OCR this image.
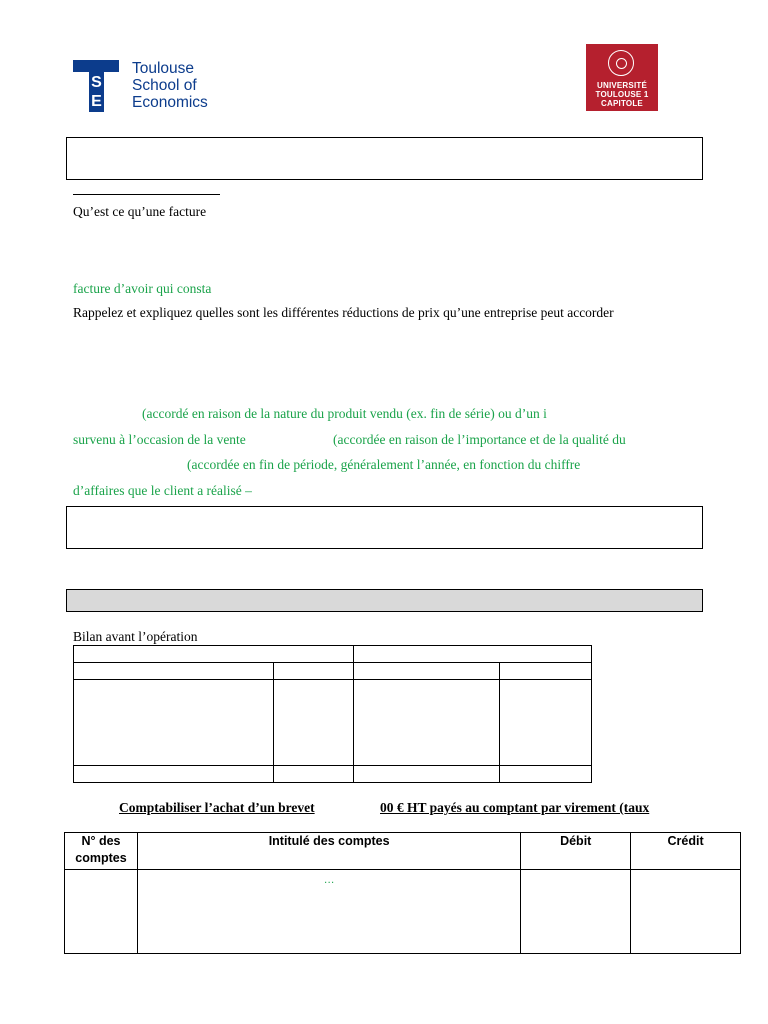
S
E
Toulouse
School of
Economics
UNIVERSITÉ
TOULOUSE 1
CAPITOLE
Qu’est ce qu’une facture
facture d’avoir qui consta
Rappelez et expliquez quelles sont les différentes réductions de prix qu’une entreprise peut accorder
(accordé en raison de la nature du produit vendu (ex. fin de série) ou d’un i
survenu à l’occasion de la vente	(accordée en raison de l’importance et de la qualité du
(accordée en fin de période, généralement l’année, en fonction du chiffre
d’affaires que le client a réalisé –
Bilan avant l’opération

Comptabiliser l’achat d’un brevet	00 € HT payés au comptant par virement (taux
N° des comptes	Intitulé des comptes	Débit	Crédit
	…		
